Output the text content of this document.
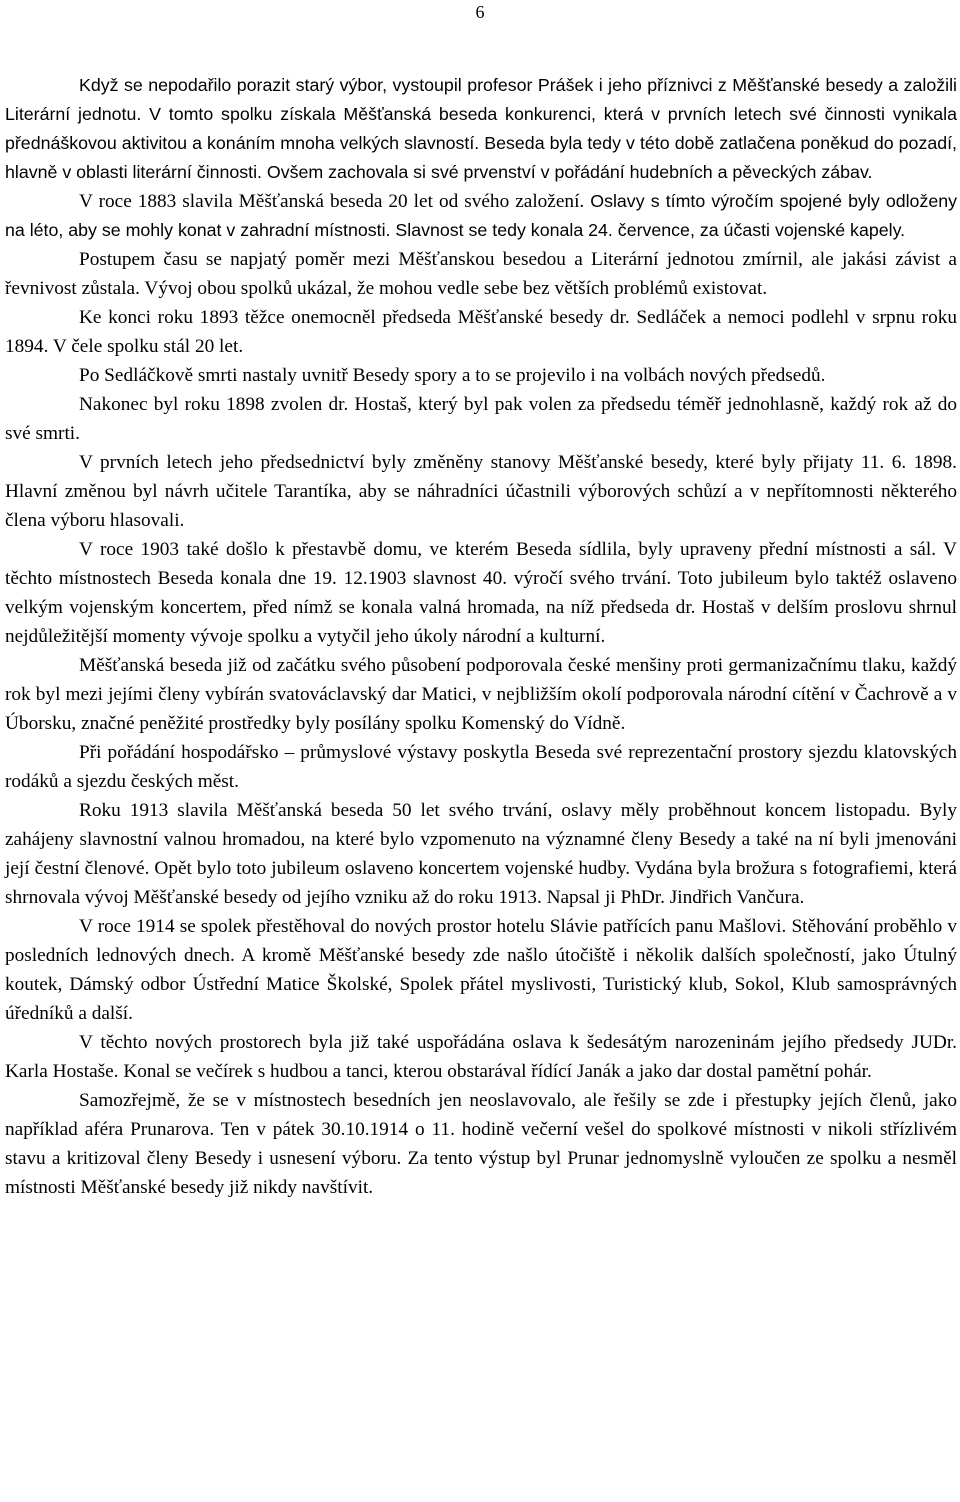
6

Když se nepodařilo porazit starý výbor, vystoupil profesor Prášek i jeho příznivci z Měšťanské besedy a založili Literární jednotu. V tomto spolku získala Měšťanská beseda konkurenci, která v prvních letech své činnosti vynikala přednáškovou aktivitou a konáním mnoha velkých slavností. Beseda byla tedy v této době zatlačena poněkud do pozadí, hlavně v oblasti literární činnosti. Ovšem zachovala si své prvenství v pořádání hudebních a pěveckých zábav.

V roce 1883 slavila Měšťanská beseda 20 let od svého založení. Oslavy s tímto výročím spojené byly odloženy na léto, aby se mohly konat v zahradní místnosti. Slavnost se tedy konala 24. července, za účasti vojenské kapely.

Postupem času se napjatý poměr mezi Měšťanskou besedou a Literární jednotou zmírnil, ale jakási závist a řevnivost zůstala. Vývoj obou spolků ukázal, že mohou vedle sebe bez větších problémů existovat.

Ke konci roku 1893 těžce onemocněl předseda Měšťanské besedy dr. Sedláček a nemoci podlehl v srpnu roku 1894. V čele spolku stál 20 let.

Po Sedláčkově smrti nastaly uvnitř Besedy spory a to se projevilo i na volbách nových předsedů.

Nakonec byl roku 1898 zvolen dr. Hostaš, který byl pak volen za předsedu téměř jednohlasně, každý rok až do své smrti.

V prvních letech jeho předsednictví byly změněny stanovy Měšťanské besedy, které byly přijaty 11. 6. 1898. Hlavní změnou byl návrh učitele Tarantíka, aby se náhradníci účastnili výborových schůzí a v nepřítomnosti některého člena výboru hlasovali.

V roce 1903 také došlo k přestavbě domu, ve kterém Beseda sídlila, byly upraveny přední místnosti a sál. V těchto místnostech Beseda konala dne 19. 12.1903 slavnost 40. výročí svého trvání. Toto jubileum bylo taktéž oslaveno velkým vojenským koncertem, před nímž se konala valná hromada, na níž předseda dr. Hostaš v delším proslovu shrnul nejdůležitější momenty vývoje spolku a vytyčil jeho úkoly národní a kulturní.

Měšťanská beseda již od začátku svého působení podporovala české menšiny proti germanizačnímu tlaku, každý rok byl mezi jejími členy vybírán svatováclavský dar Matici, v nejbližším okolí podporovala národní cítění v Čachrově a v Úborsku, značné peněžité prostředky byly posílány spolku Komenský do Vídně.

Při pořádání hospodářsko – průmyslové výstavy poskytla Beseda své reprezentační prostory sjezdu klatovských rodáků a sjezdu českých měst.

Roku 1913 slavila Měšťanská beseda 50 let svého trvání, oslavy měly proběhnout koncem listopadu. Byly zahájeny slavnostní valnou hromadou, na které bylo vzpomenuto na významné členy Besedy a také na ní byli jmenováni její čestní členové. Opět bylo toto jubileum oslaveno koncertem vojenské hudby. Vydána byla brožura s fotografiemi, která shrnovala vývoj Měšťanské besedy od jejího vzniku až do roku 1913. Napsal ji PhDr. Jindřich Vančura.

V roce 1914 se spolek přestěhoval do nových prostor hotelu Slávie patřících panu Mašlovi. Stěhování proběhlo v posledních lednových dnech. A kromě Měšťanské besedy zde našlo útočiště i několik dalších společností, jako Útulný koutek, Dámský odbor Ústřední Matice Školské, Spolek přátel myslivosti, Turistický klub, Sokol, Klub samosprávných úředníků a další.

V těchto nových prostorech byla již také uspořádána oslava k šedesátým narozeninám jejího předsedy JUDr. Karla Hostaše. Konal se večírek s hudbou a tanci, kterou obstarával řídící Janák a jako dar dostal pamětní pohár.

Samozřejmě, že se v místnostech besedních jen neoslavovalo, ale řešily se zde i přestupky jejích členů, jako například aféra Prunarova. Ten v pátek 30.10.1914 o 11. hodině večerní vešel do spolkové místnosti v nikoli střízlivém stavu a kritizoval členy Besedy i usnesení výboru. Za tento výstup byl Prunar jednomyslně vyloučen ze spolku a nesměl místnosti Měšťanské besedy již nikdy navštívit.
